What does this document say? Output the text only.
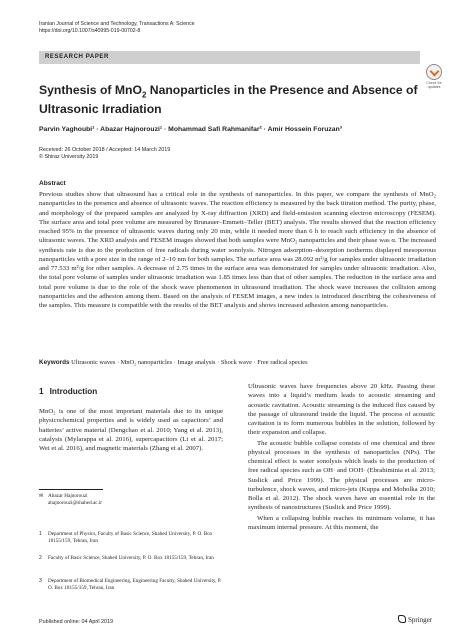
Iranian Journal of Science and Technology, Transactions A: Science
https://doi.org/10.1007/s40995-019-00702-8
RESEARCH PAPER
Check for
updates
Synthesis of MnO$_2$ Nanoparticles in the Presence and Absence of Ultrasonic Irradiation
Parvin Yaghoubi¹ · Abazar Hajnorouzi¹ · Mohammad Safi Rahmanifar² · Amir Hossein Foruzan³
Received: 26 October 2018 / Accepted: 14 March 2019
© Shiraz University 2019
Abstract
Previous studies show that ultrasound has a critical role in the synthesis of nanoparticles. In this paper, we compare the synthesis of MnO₂ nanoparticles in the presence and absence of ultrasonic waves. The reaction efficiency is measured by the back titration method. The purity, phase, and morphology of the prepared samples are analyzed by X-ray diffraction (XRD) and field-emission scanning electron microscopy (FESEM). The surface area and total pore volume are measured by Brunauer–Emmett–Teller (BET) analysis. The results showed that the reaction efficiency reached 95% in the presence of ultrasonic waves during only 20 min, while it needed more than 6 h to reach such efficiency in the absence of ultrasonic waves. The XRD analysis and FESEM images showed that both samples were MnO₂ nanoparticles and their phase was α. The increased synthesis rate is due to the production of free radicals during water sonolysis. Nitrogen adsorption–desorption isotherms displayed mesoporous nanoparticles with a pore size in the range of 2–10 nm for both samples. The surface area was 28.092 m²/g for samples under ultrasonic irradiation and 77.533 m²/g for other samples. A decrease of 2.75 times in the surface area was demonstrated for samples under ultrasonic irradiation. Also, the total pore volume of samples under ultrasonic irradiation was 1.85 times less than that of other samples. The reduction in the surface area and total pore volume is due to the role of the shock wave phenomenon in ultrasound irradiation. The shock wave increases the collision among nanoparticles and the adhesion among them. Based on the analysis of FESEM images, a new index is introduced describing the cohesiveness of the samples. This measure is compatible with the results of the BET analysis and shows increased adhesion among nanoparticles.
Keywords Ultrasonic waves · MnO₂ nanoparticles · Image analysis · Shock wave · Free radical species
1 Introduction

MnO₂ is one of the most important materials due to its unique physicochemical properties and is widely used as capacitors’ and batteries’ active material (Dengchao et al. 2010; Yang et al. 2013), catalysts (Mylarappa et al. 2016), supercapacitors (Li et al. 2017; Wei et al. 2016), and magnetic materials (Zhang et al. 2007).

Ultrasonic waves have frequencies above 20 kHz. Passing these waves into a liquid’s medium leads to acoustic streaming and acoustic cavitation. Acoustic streaming is the induced flux caused by the passage of ultrasound inside the liquid. The process of acoustic cavitation is to form numerous bubbles in the solution, followed by their expansion and collapse.

The acoustic bubble collapse consists of one chemical and three physical processes in the synthesis of nanoparticles (NPs). The chemical effect is water sonolysis which leads to the production of free radical species such as OH· and OOH· (Ebrahiminia et al. 2013; Suslick and Price 1999). The physical processes are micro-turbulence, shock waves, and micro-jets (Kuppa and Moholka 2010; Bolla et al. 2012). The shock waves have an essential role in the synthesis of nanostructures (Suslick and Price 1999).

When a collapsing bubble reaches its minimum volume, it has maximum internal pressure. At this moment, the

✉ Abazar Hajnorouzi
ahajnorouzi@shahed.ac.ir
1 Department of Physics, Faculty of Basic Science, Shahed University, P. O. Box 18155/159, Tehran, Iran
2 Faculty of Basic Science, Shahed University, P. O. Box 18155/159, Tehran, Iran
3 Department of Biomedical Engineering, Engineering Faculty, Shahed University, P. O. Box 18155/159, Tehran, Iran
Published online: 04 April 2019	Springer
